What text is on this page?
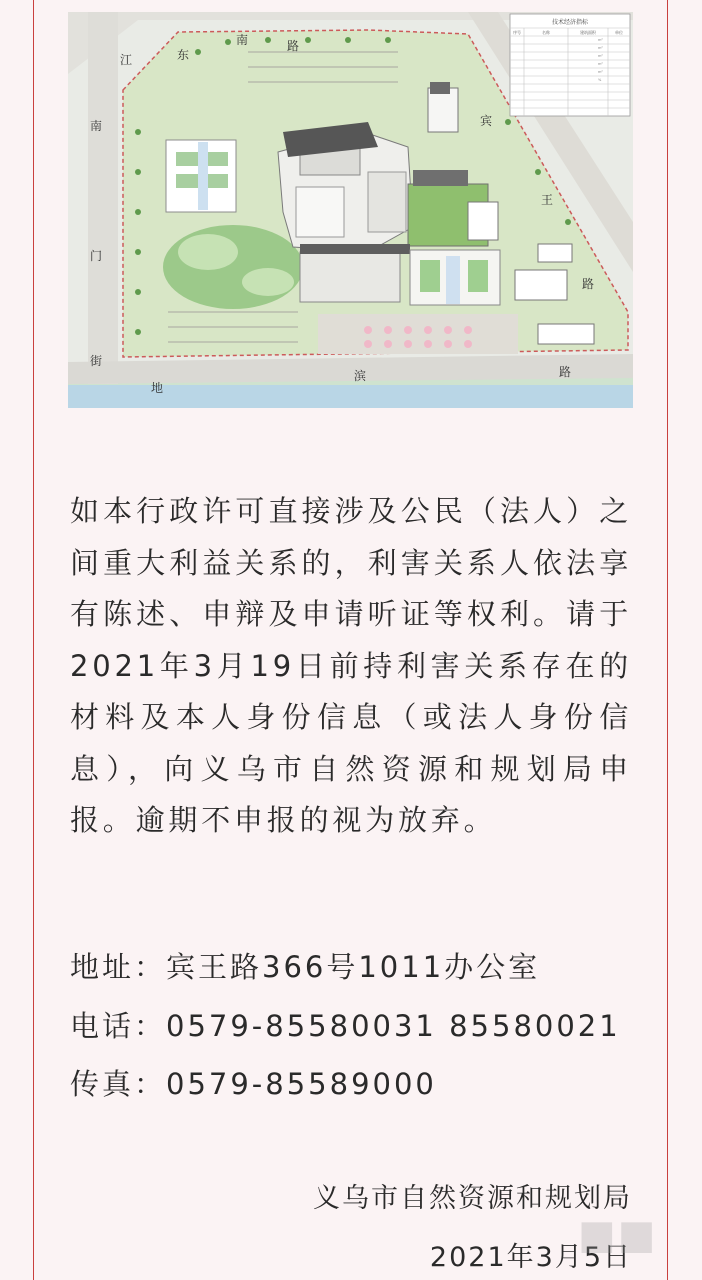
m²
m²
m²
m²
m²
%
技术经济指标
序号	名称	建筑面积	单位
江	东
南	路
宾
王
路
南
门
街
地
滨	路

如本行政许可直接涉及公民（法人）之间重大利益关系的，利害关系人依法享有陈述、申辩及申请听证等权利。请于2021年3月19日前持利害关系存在的材料及本人身份信息（或法人身份信息），向义乌市自然资源和规划局申报。逾期不申报的视为放弃。

地址：宾王路366号1011办公室

电话：0579-85580031 85580021

传真：0579-85589000

义乌市自然资源和规划局

2021年3月5日

■■
